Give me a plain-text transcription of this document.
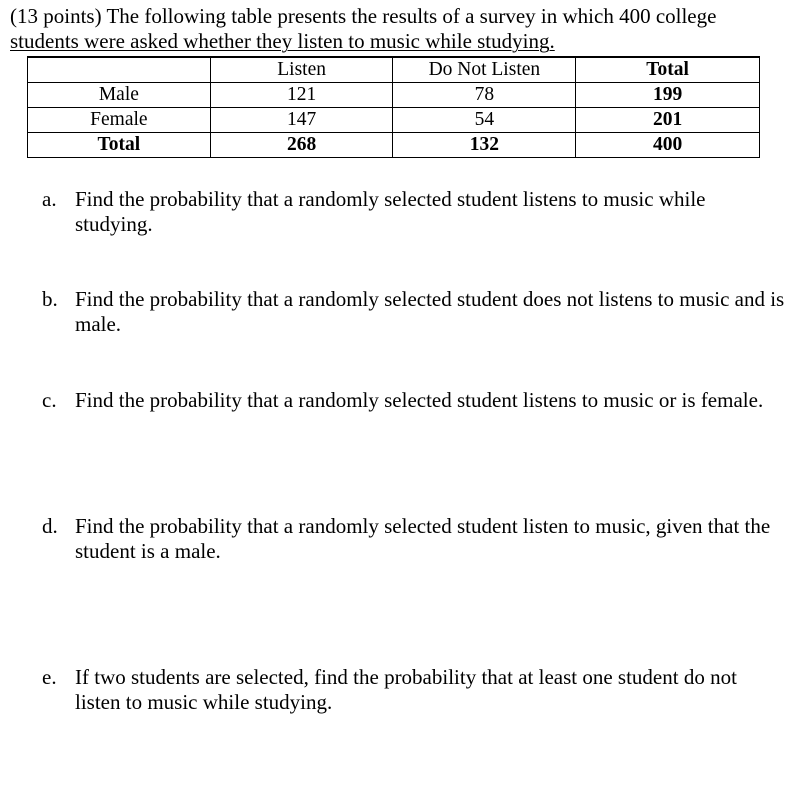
(13 points) The following table presents the results of a survey in which 400 college
students were asked whether they listen to music while studying.
	Listen	Do Not Listen	Total
Male	121	78	199
Female	147	54	201
Total	268	132	400
a. Find the probability that a randomly selected student listens to music while studying.
b. Find the probability that a randomly selected student does not listens to music and is male.
c. Find the probability that a randomly selected student listens to music or is female.
d. Find the probability that a randomly selected student listen to music, given that the student is a male.
e. If two students are selected, find the probability that at least one student do not listen to music while studying.
